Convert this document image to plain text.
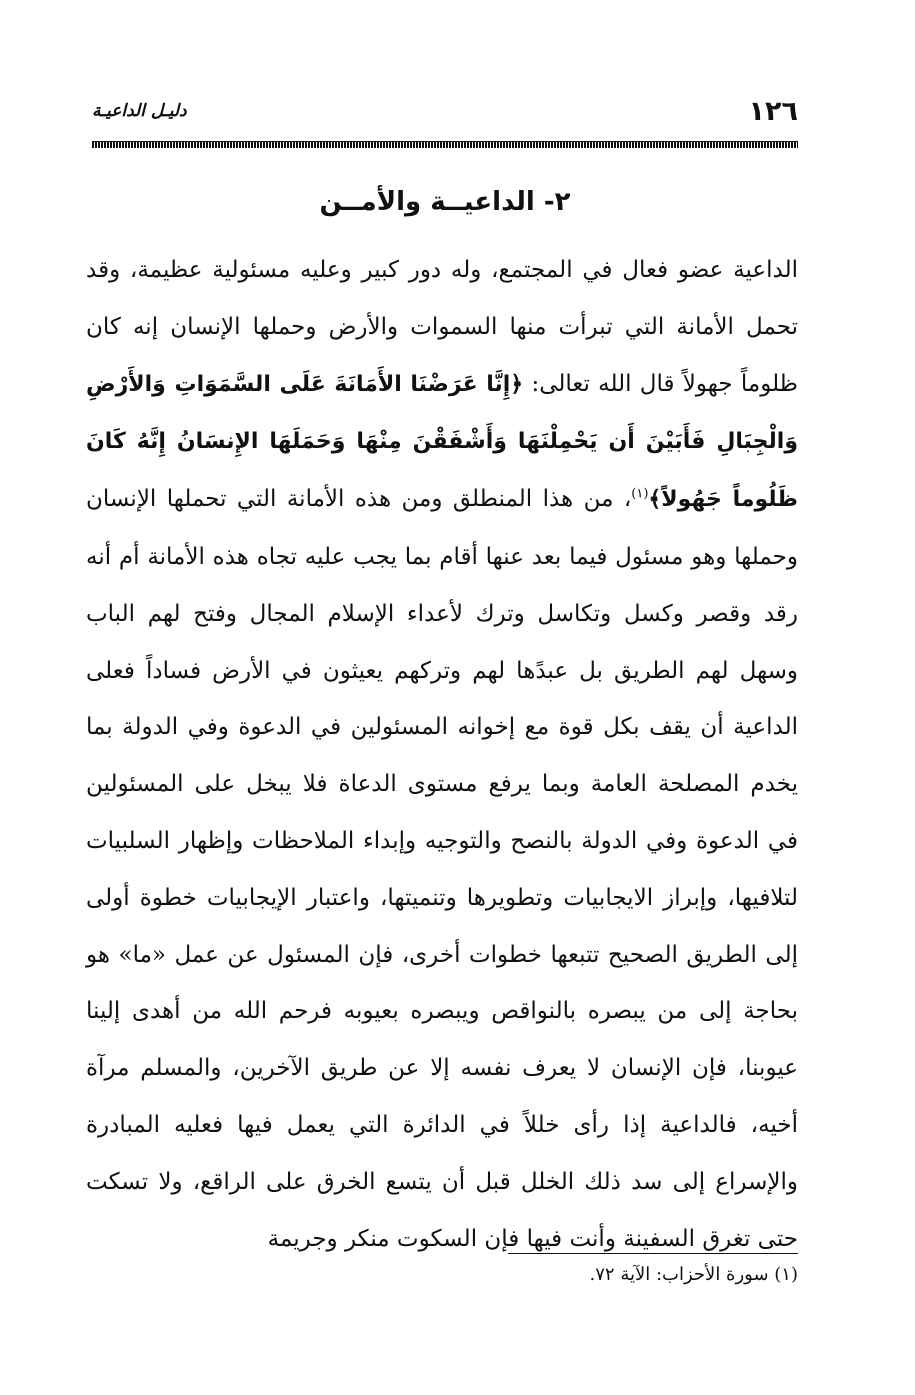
١٢٦
دليـل الداعيـة
٢- الداعيــة والأمــن

الداعية عضو فعال في المجتمع، وله دور كبير وعليه مسئولية عظيمة، وقد تحمل الأمانة التي تبرأت منها السموات والأرض وحملها الإنسان إنه كان ظلوماً جهولاً قال الله تعالى: ﴿إِنَّا عَرَضْنَا الأَمَانَةَ عَلَى السَّمَوَاتِ وَالأَرْضِ وَالْجِبَالِ فَأَبَيْنَ أَن يَحْمِلْنَهَا وَأَشْفَقْنَ مِنْهَا وَحَمَلَهَا الإِنسَانُ إِنَّهُ كَانَ ظَلُوماً جَهُولاً﴾$^{(١)}$، من هذا المنطلق ومن هذه الأمانة التي تحملها الإنسان وحملها وهو مسئول فيما بعد عنها أقام بما يجب عليه تجاه هذه الأمانة أم أنه رقد وقصر وكسل وتكاسل وترك لأعداء الإسلام المجال وفتح لهم الباب وسهل لهم الطريق بل عبدًها لهم وتركهم يعيثون في الأرض فساداً فعلى الداعية أن يقف بكل قوة مع إخوانه المسئولين في الدعوة وفي الدولة بما يخدم المصلحة العامة وبما يرفع مستوى الدعاة فلا يبخل على المسئولين في الدعوة وفي الدولة بالنصح والتوجيه وإبداء الملاحظات وإظهار السلبيات لتلافيها، وإبراز الايجابيات وتطويرها وتنميتها، واعتبار الإيجابيات خطوة أولى إلى الطريق الصحيح تتبعها خطوات أخرى، فإن المسئول عن عمل «ما» هو بحاجة إلى من يبصره بالنواقص ويبصره بعيوبه فرحم الله من أهدى إلينا عيوبنا، فإن الإنسان لا يعرف نفسه إلا عن طريق الآخرين، والمسلم مرآة أخيه، فالداعية إذا رأى خللاً في الدائرة التي يعمل فيها فعليه المبادرة والإسراع إلى سد ذلك الخلل قبل أن يتسع الخرق على الراقع، ولا تسكت حتى تغرق السفينة وأنت فيها فإن السكوت منكر وجريمة

(١) سورة الأحزاب: الآية ٧٢.
